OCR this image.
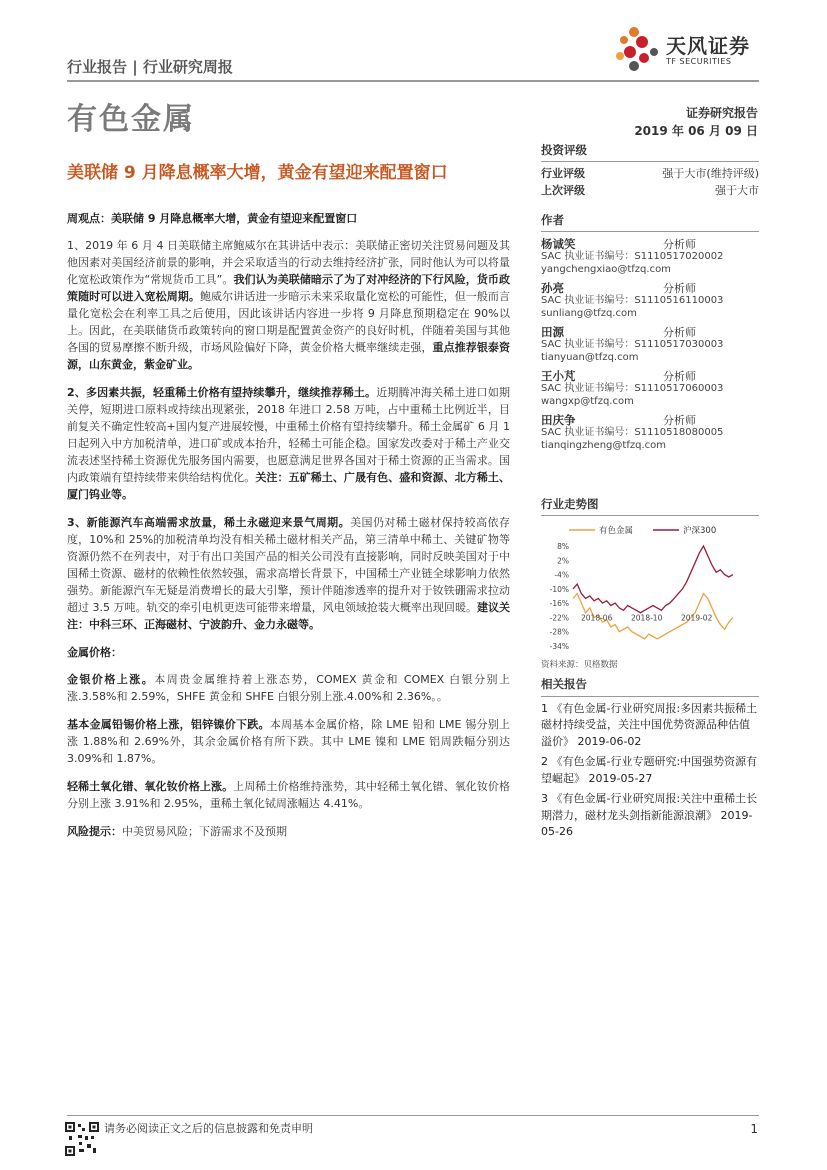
行业报告 | 行业研究周报
天风证券
TF SECURITIES
有色金属	证券研究报告
2019 年 06 月 09 日
美联储 9 月降息概率大增，黄金有望迎来配置窗口

周观点：美联储 9 月降息概率大增，黄金有望迎来配置窗口

1、2019 年 6 月 4 日美联储主席鲍威尔在其讲话中表示：美联储正密切关注贸易问题及其他因素对美国经济前景的影响，并会采取适当的行动去维持经济扩张，同时他认为可以将量化宽松政策作为“常规货币工具”。我们认为美联储暗示了为了对冲经济的下行风险，货币政策随时可以进入宽松周期。鲍威尔讲话进一步暗示未来采取量化宽松的可能性，但一般而言量化宽松会在利率工具之后使用，因此该讲话内容进一步将 9 月降息预期稳定在 90%以上。因此，在美联储货币政策转向的窗口期是配置黄金资产的良好时机，伴随着美国与其他各国的贸易摩擦不断升级，市场风险偏好下降，黄金价格大概率继续走强，重点推荐银泰资源，山东黄金，紫金矿业。

2、多因素共振，轻重稀土价格有望持续攀升，继续推荐稀土。近期腾冲海关稀土进口如期关停，短期进口原料或持续出现紧张，2018 年进口 2.58 万吨，占中重稀土比例近半，目前复关不确定性较高+国内复产进展较慢，中重稀土价格有望持续攀升。稀土金属矿 6 月 1 日起列入中方加税清单，进口矿或成本抬升，轻稀土可能企稳。国家发改委对于稀土产业交流表述坚持稀土资源优先服务国内需要，也愿意满足世界各国对于稀土资源的正当需求。国内政策端有望持续带来供给结构优化。关注：五矿稀土、广晟有色、盛和资源、北方稀土、厦门钨业等。

3、新能源汽车高端需求放量，稀土永磁迎来景气周期。美国仍对稀土磁材保持较高依存度，10%和 25%的加税清单均没有相关稀土磁材相关产品，第三清单中稀土、关键矿物等资源仍然不在列表中，对于有出口美国产品的相关公司没有直接影响，同时反映美国对于中国稀土资源、磁材的依赖性依然较强，需求高增长背景下，中国稀土产业链全球影响力依然强势。新能源汽车无疑是消费增长的最大引擎，预计伴随渗透率的提升对于钕铁硼需求拉动超过 3.5 万吨。轨交的牵引电机更迭可能带来增量，风电领域抢装大概率出现回暖。建议关注：中科三环、正海磁材、宁波韵升、金力永磁等。

金属价格：

金银价格上涨。本周贵金属维持着上涨态势，COMEX 黄金和 COMEX 白银分别上涨.3.58%和 2.59%，SHFE 黄金和 SHFE 白银分别上涨.4.00%和 2.36%。。

基本金属铅锡价格上涨，铝锌镍价下跌。本周基本金属价格，除 LME 铅和 LME 锡分别上涨 1.88%和 2.69%外，其余金属价格有所下跌。其中 LME 镍和 LME 铝周跌幅分别达 3.09%和 1.87%。

轻稀土氧化镨、氧化钕价格上涨。上周稀土价格维持涨势，其中轻稀土氧化镨、氧化钕价格分别上涨 3.91%和 2.95%，重稀土氧化铽周涨幅达 4.41%。

风险提示：中美贸易风险；下游需求不及预期

投资评级
行业评级	强于大市(维持评级)
上次评级	强于大市
作者
杨诚笑	分析师
SAC 执业证书编号：S1110517020002
yangchengxiao@tfzq.com
孙亮	分析师
SAC 执业证书编号：S1110516110003
sunliang@tfzq.com
田源	分析师
SAC 执业证书编号：S1110517030003
tianyuan@tfzq.com
王小芃	分析师
SAC 执业证书编号：S1110517060003
wangxp@tfzq.com
田庆争	分析师
SAC 执业证书编号：S1110518080005
tianqingzheng@tfzq.com
行业走势图
有色金属	沪深300
8%
2%
-4%
-10%
-16%
-22%
-28%
-34%
2018-06 2018-10 2019-02
资料来源：贝格数据
相关报告

1 《有色金属-行业研究周报:多因素共振稀土磁材持续受益，关注中国优势资源品种估值溢价》 2019-06-02

2 《有色金属-行业专题研究:中国强势资源有望崛起》 2019-05-27

3 《有色金属-行业研究周报:关注中重稀土长期潜力，磁材龙头剑指新能源浪潮》 2019-05-26

请务必阅读正文之后的信息披露和免责申明	1
